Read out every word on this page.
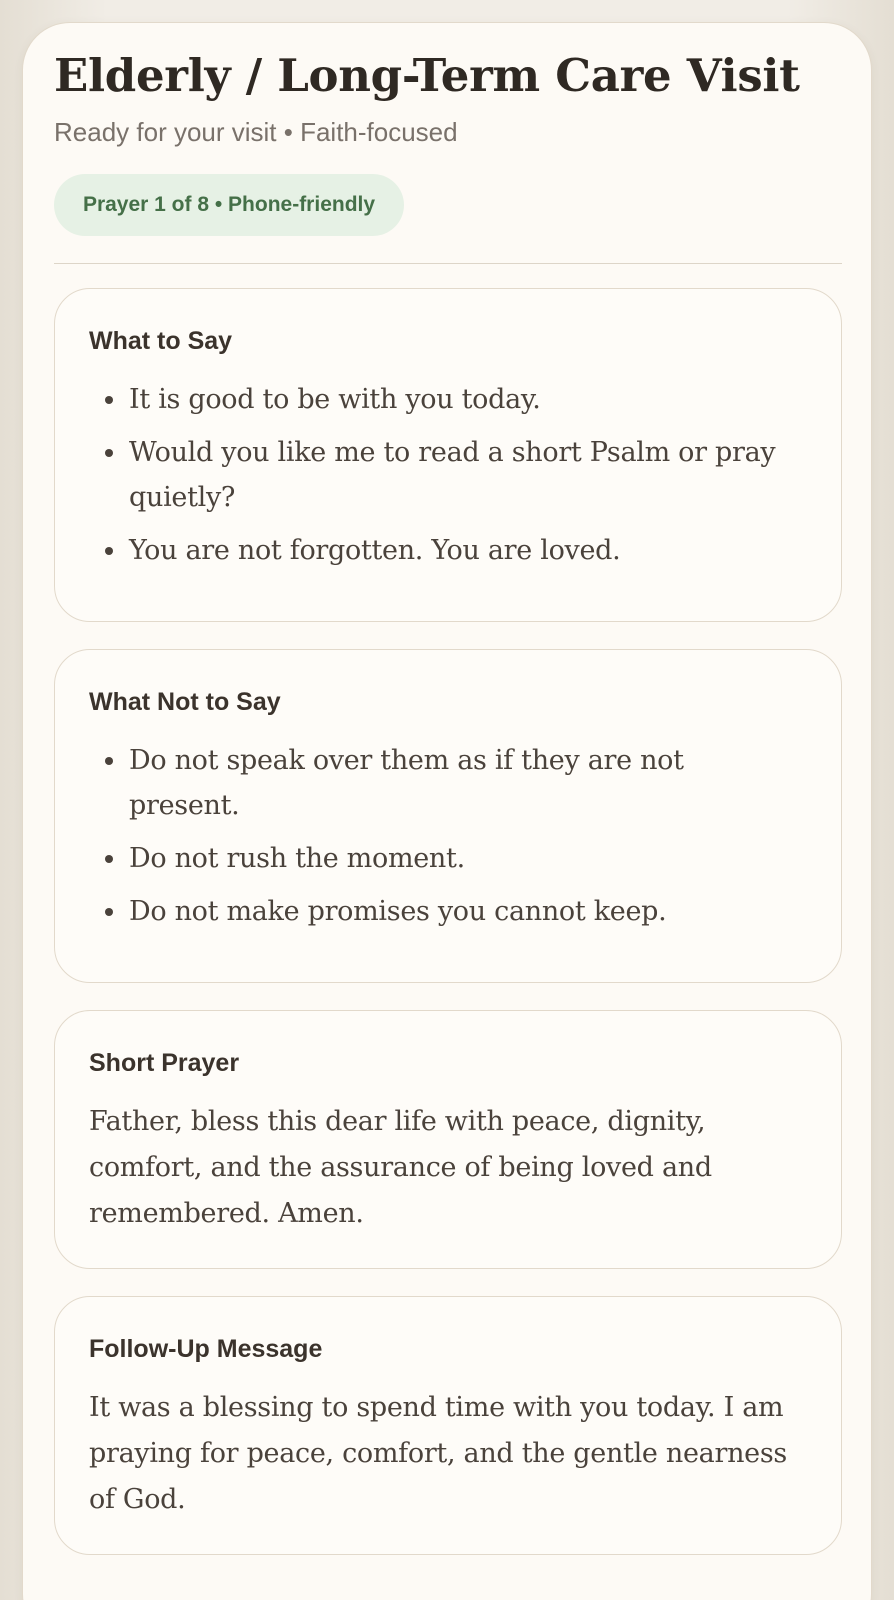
Elderly / Long-Term Care Visit
Ready for your visit • Faith-focused
Prayer 1 of 8 • Phone-friendly
What to Say
It is good to be with you today.
Would you like me to read a short Psalm or pray quietly?
You are not forgotten. You are loved.
What Not to Say
Do not speak over them as if they are not present.
Do not rush the moment.
Do not make promises you cannot keep.
Short Prayer

Father, bless this dear life with peace, dignity, comfort, and the assurance of being loved and remembered. Amen.

Follow-Up Message

It was a blessing to spend time with you today. I am praying for peace, comfort, and the gentle nearness of God.
